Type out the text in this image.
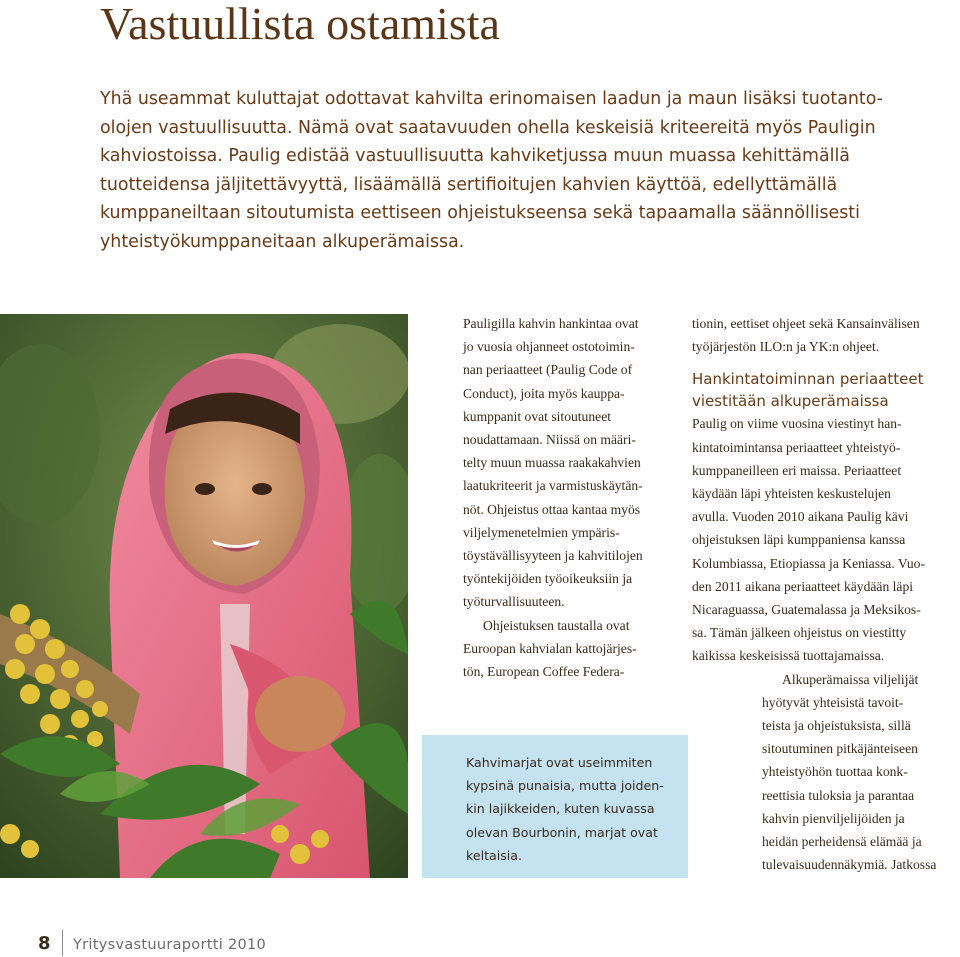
Vastuullista ostamista
Yhä useammat kuluttajat odottavat kahvilta erinomaisen laadun ja maun lisäksi tuotanto-
olojen vastuullisuutta. Nämä ovat saatavuuden ohella keskeisiä kriteereitä myös Pauligin
kahviostoissa. Paulig edistää vastuullisuutta kahviketjussa muun muassa kehittämällä
tuotteidensa jäljitettävyyttä, lisäämällä sertifioitujen kahvien käyttöä, edellyttämällä
kumppaneiltaan sitoutumista eettiseen ohjeistukseensa sekä tapaamalla säännöllisesti
yhteistyökumppaneitaan alkuperämaissa.
Pauligilla kahvin hankintaa ovat
jo vuosia ohjanneet ostotoimin-
nan periaatteet (Paulig Code of
Conduct), joita myös kauppa-
kumppanit ovat sitoutuneet
noudattamaan. Niissä on määri-
telty muun muassa raakakahvien
laatukriteerit ja varmistuskäytän-
nöt. Ohjeistus ottaa kantaa myös
viljelymenetelmien ympäris-
töystävällisyyteen ja kahvitilojen
työntekijöiden työoikeuksiin ja
työturvallisuuteen.
Ohjeistuksen taustalla ovat
Euroopan kahvialan kattojärjes-
tön, European Coffee Federa-
tionin, eettiset ohjeet sekä Kansainvälisen
työjärjestön ILO:n ja YK:n ohjeet.
Hankintatoiminnan periaatteet
viestitään alkuperämaissa
Paulig on viime vuosina viestinyt han-
kintatoimintansa periaatteet yhteistyö-
kumppaneilleen eri maissa. Periaatteet
käydään läpi yhteisten keskustelujen
avulla. Vuoden 2010 aikana Paulig kävi
ohjeistuksen läpi kumppaniensa kanssa
Kolumbiassa, Etiopiassa ja Keniassa. Vuo-
den 2011 aikana periaatteet käydään läpi
Nicaraguassa, Guatemalassa ja Meksikos-
sa. Tämän jälkeen ohjeistus on viestitty
kaikissa keskeisissä tuottajamaissa.
Alkuperämaissa viljelijät
hyötyvät yhteisistä tavoit-
teista ja ohjeistuksista, sillä
sitoutuminen pitkäjänteiseen
yhteistyöhön tuottaa konk-
reettisia tuloksia ja parantaa
kahvin pienviljelijöiden ja
heidän perheidensä elämää ja
tulevaisuudennäkymiä. Jatkossa
Kahvimarjat ovat useimmiten
kypsinä punaisia, mutta joiden-
kin lajikkeiden, kuten kuvassa
olevan Bourbonin, marjat ovat
keltaisia.
8 Yritysvastuuraportti 2010
